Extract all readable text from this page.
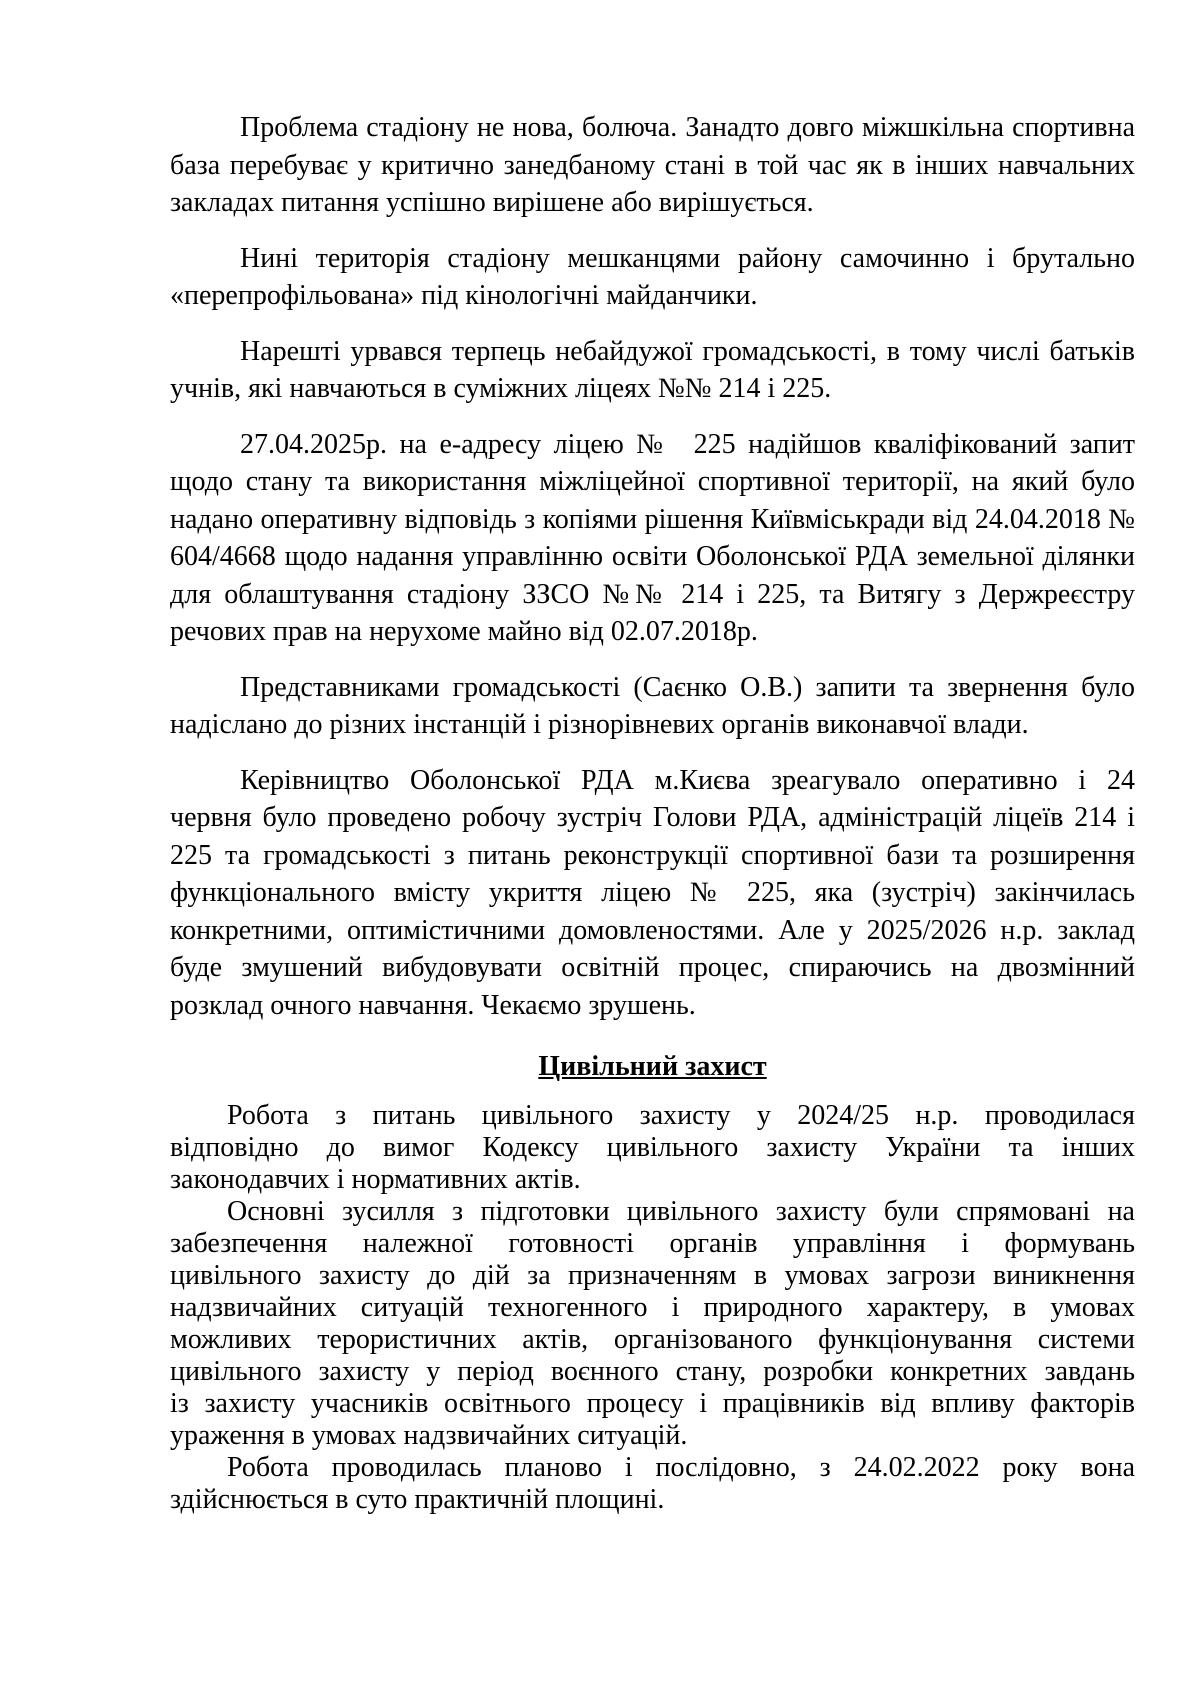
Проблема стадіону не нова, болюча. Занадто довго міжшкільна спортивна
база перебуває у критично занедбаному стані в той час як в інших навчальних
закладах питання успішно вирішене або вирішується.

Нині територія стадіону мешканцями району самочинно і брутально
«перепрофільована» під кінологічні майданчики.

Нарешті урвався терпець небайдужої громадськості, в тому числі батьків
учнів, які навчаються в суміжних ліцеях №№ 214 і 225.

27.04.2025р. на е-адресу ліцею №  225 надійшов кваліфікований запит
щодо стану та використання міжліцейної спортивної території, на який було
надано оперативну відповідь з копіями рішення Київміськради від 24.04.2018 №
604/4668 щодо надання управлінню освіти Оболонської РДА земельної ділянки
для облаштування стадіону ЗЗСО №№ 214 і 225, та Витягу з Держреєстру
речових прав на нерухоме майно від 02.07.2018р.

Представниками громадськості (Саєнко О.В.) запити та звернення було
надіслано до різних інстанцій і різнорівневих органів виконавчої влади.

Керівництво Оболонської РДА м.Києва зреагувало оперативно і 24
червня було проведено робочу зустріч Голови РДА, адміністрацій ліцеїв 214 і
225 та громадськості з питань реконструкції спортивної бази та розширення
функціонального вмісту укриття ліцею № 225, яка (зустріч) закінчилась
конкретними, оптимістичними домовленостями. Але у 2025/2026 н.р. заклад
буде змушений вибудовувати освітній процес, спираючись на двозмінний
розклад очного навчання. Чекаємо зрушень.

Цивільний захист

Робота з питань цивільного захисту у 2024/25 н.р. проводилася
відповідно до вимог Кодексу цивільного захисту України та інших
законодавчих і нормативних актів.

Основні зусилля з підготовки цивільного захисту були спрямовані на
забезпечення належної готовності органів управління і формувань
цивільного захисту до дій за призначенням в умовах загрози виникнення
надзвичайних ситуацій техногенного і природного характеру, в умовах
можливих терористичних актів, організованого функціонування системи
цивільного захисту у період воєнного стану, розробки конкретних завдань
із захисту учасників освітнього процесу і працівників від впливу факторів
ураження в умовах надзвичайних ситуацій.

Робота проводилась планово і послідовно, з 24.02.2022 року вона
здійснюється в суто практичній площині.
